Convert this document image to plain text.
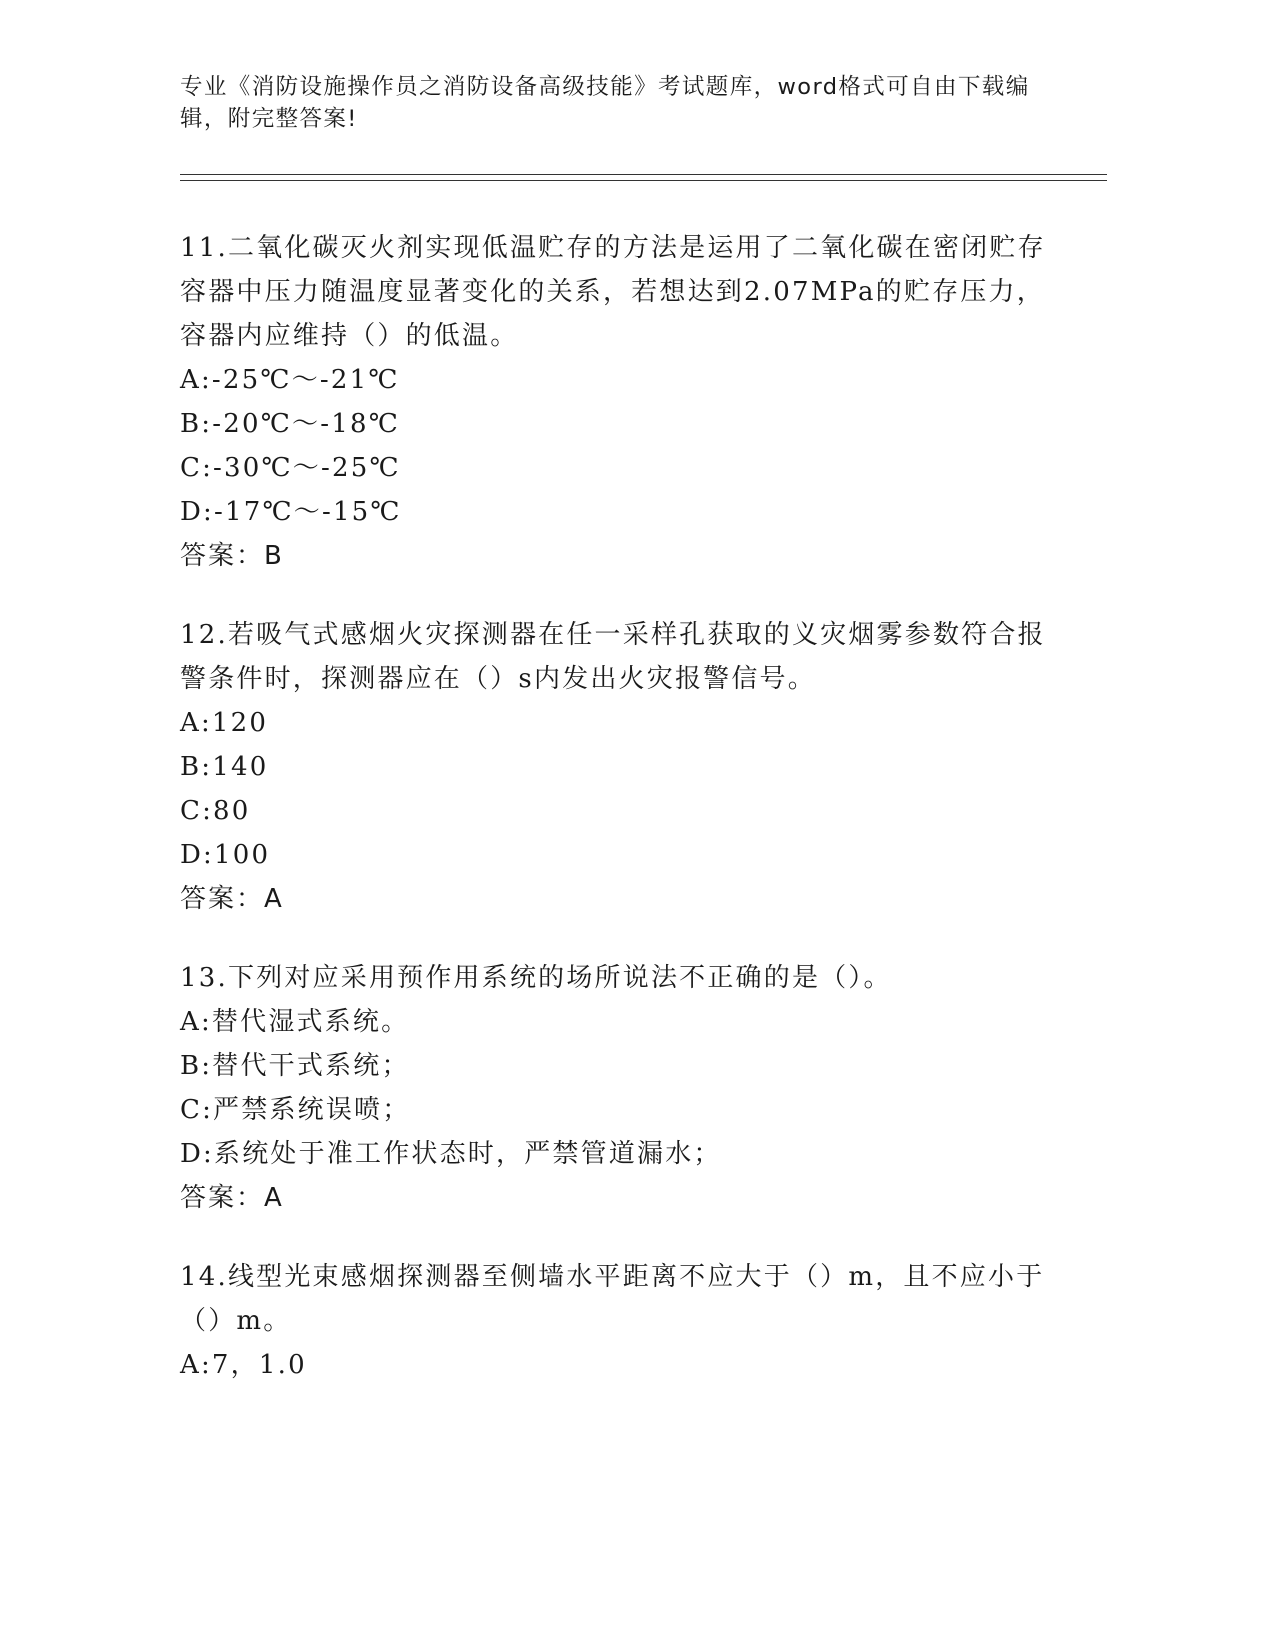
专业《消防设施操作员之消防设备高级技能》考试题库，word格式可自由下载编辑，附完整答案!

11.二氧化碳灭火剂实现低温贮存的方法是运用了二氧化碳在密闭贮存容器中压力随温度显著变化的关系，若想达到2.07MPa的贮存压力，容器内应维持（）的低温。

A:-25℃～-21℃

B:-20℃～-18℃

C:-30℃～-25℃

D:-17℃～-15℃

答案：B

12.若吸气式感烟火灾探测器在任一采样孔获取的义灾烟雾参数符合报警条件时，探测器应在（）s内发出火灾报警信号。

A:120

B:140

C:80

D:100

答案：A

13.下列对应采用预作用系统的场所说法不正确的是（）。

A:替代湿式系统。

B:替代干式系统；

C:严禁系统误喷；

D:系统处于准工作状态时，严禁管道漏水；

答案：A

14.线型光束感烟探测器至侧墙水平距离不应大于（）m，且不应小于（）m。

A:7，1.0
